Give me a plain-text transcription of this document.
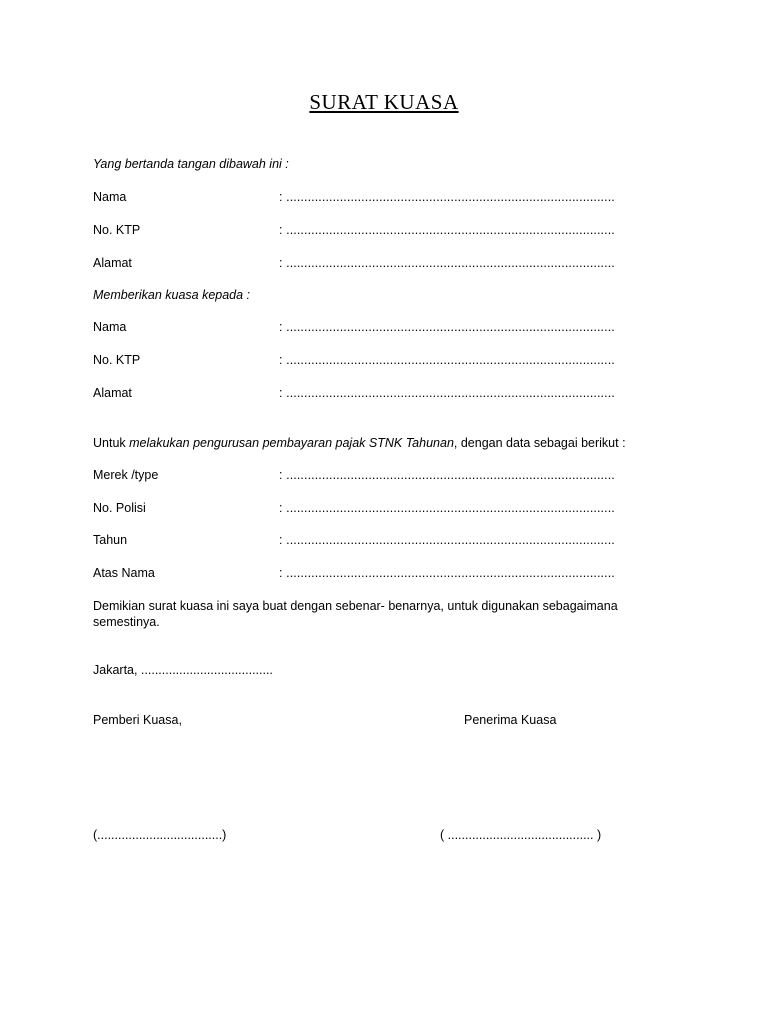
SURAT KUASA
Yang bertanda tangan dibawah ini :
Nama	: ............................................................................................
No. KTP	: ............................................................................................
Alamat	: ............................................................................................
Memberikan kuasa kepada :
Nama	: ............................................................................................
No. KTP	: ............................................................................................
Alamat	: ............................................................................................
Untuk melakukan pengurusan pembayaran pajak STNK Tahunan, dengan data sebagai berikut :
Merek /type	: ............................................................................................
No. Polisi	: ............................................................................................
Tahun	: ............................................................................................
Atas Nama	: ............................................................................................
Demikian surat kuasa ini saya buat dengan sebenar- benarnya, untuk digunakan sebagaimana
semestinya.
Jakarta, ......................................
Pemberi Kuasa,	Penerima Kuasa
(....................................)	( .......................................... )
